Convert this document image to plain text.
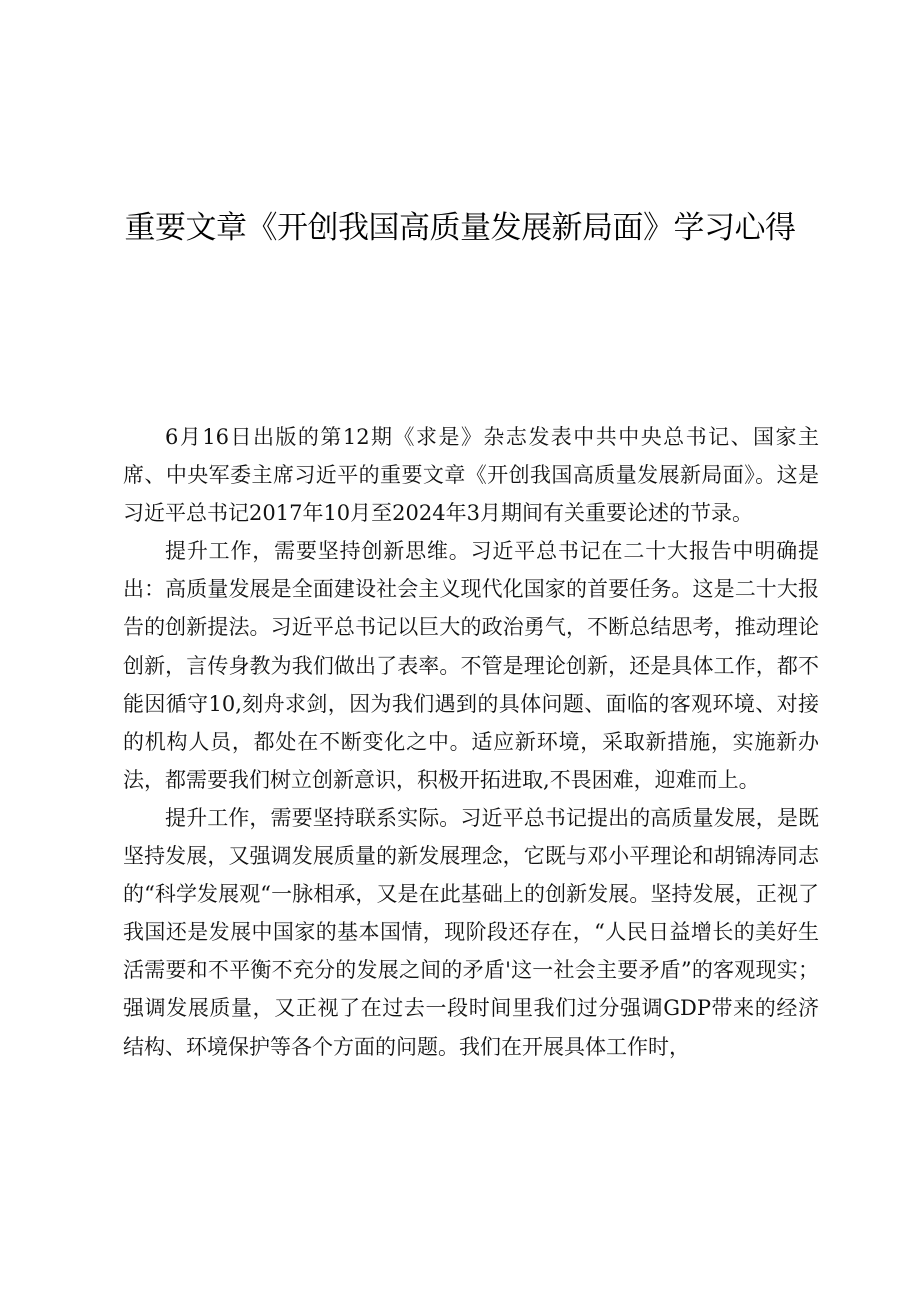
重要文章《开创我国高质量发展新局面》学习心得

6月16日出版的第12期《求是》杂志发表中共中央总书记、国家主席、中央军委主席习近平的重要文章《开创我国高质量发展新局面》。这是习近平总书记2017年10月至2024年3月期间有关重要论述的节录。

提升工作，需要坚持创新思维。习近平总书记在二十大报告中明确提出：高质量发展是全面建设社会主义现代化国家的首要任务。这是二十大报告的创新提法。习近平总书记以巨大的政治勇气，不断总结思考，推动理论创新，言传身教为我们做出了表率。不管是理论创新，还是具体工作，都不能因循守10,刻舟求剑，因为我们遇到的具体问题、面临的客观环境、对接的机构人员，都处在不断变化之中。适应新环境，采取新措施，实施新办法，都需要我们树立创新意识，积极开拓进取,不畏困难，迎难而上。

提升工作，需要坚持联系实际。习近平总书记提出的高质量发展，是既坚持发展，又强调发展质量的新发展理念，它既与邓小平理论和胡锦涛同志的“科学发展观“一脉相承，又是在此基础上的创新发展。坚持发展，正视了我国还是发展中国家的基本国情，现阶段还存在，“人民日益增长的美好生活需要和不平衡不充分的发展之间的矛盾'这一社会主要矛盾”的客观现实；强调发展质量，又正视了在过去一段时间里我们过分强调GDP带来的经济结构、环境保护等各个方面的问题。我们在开展具体工作时，
